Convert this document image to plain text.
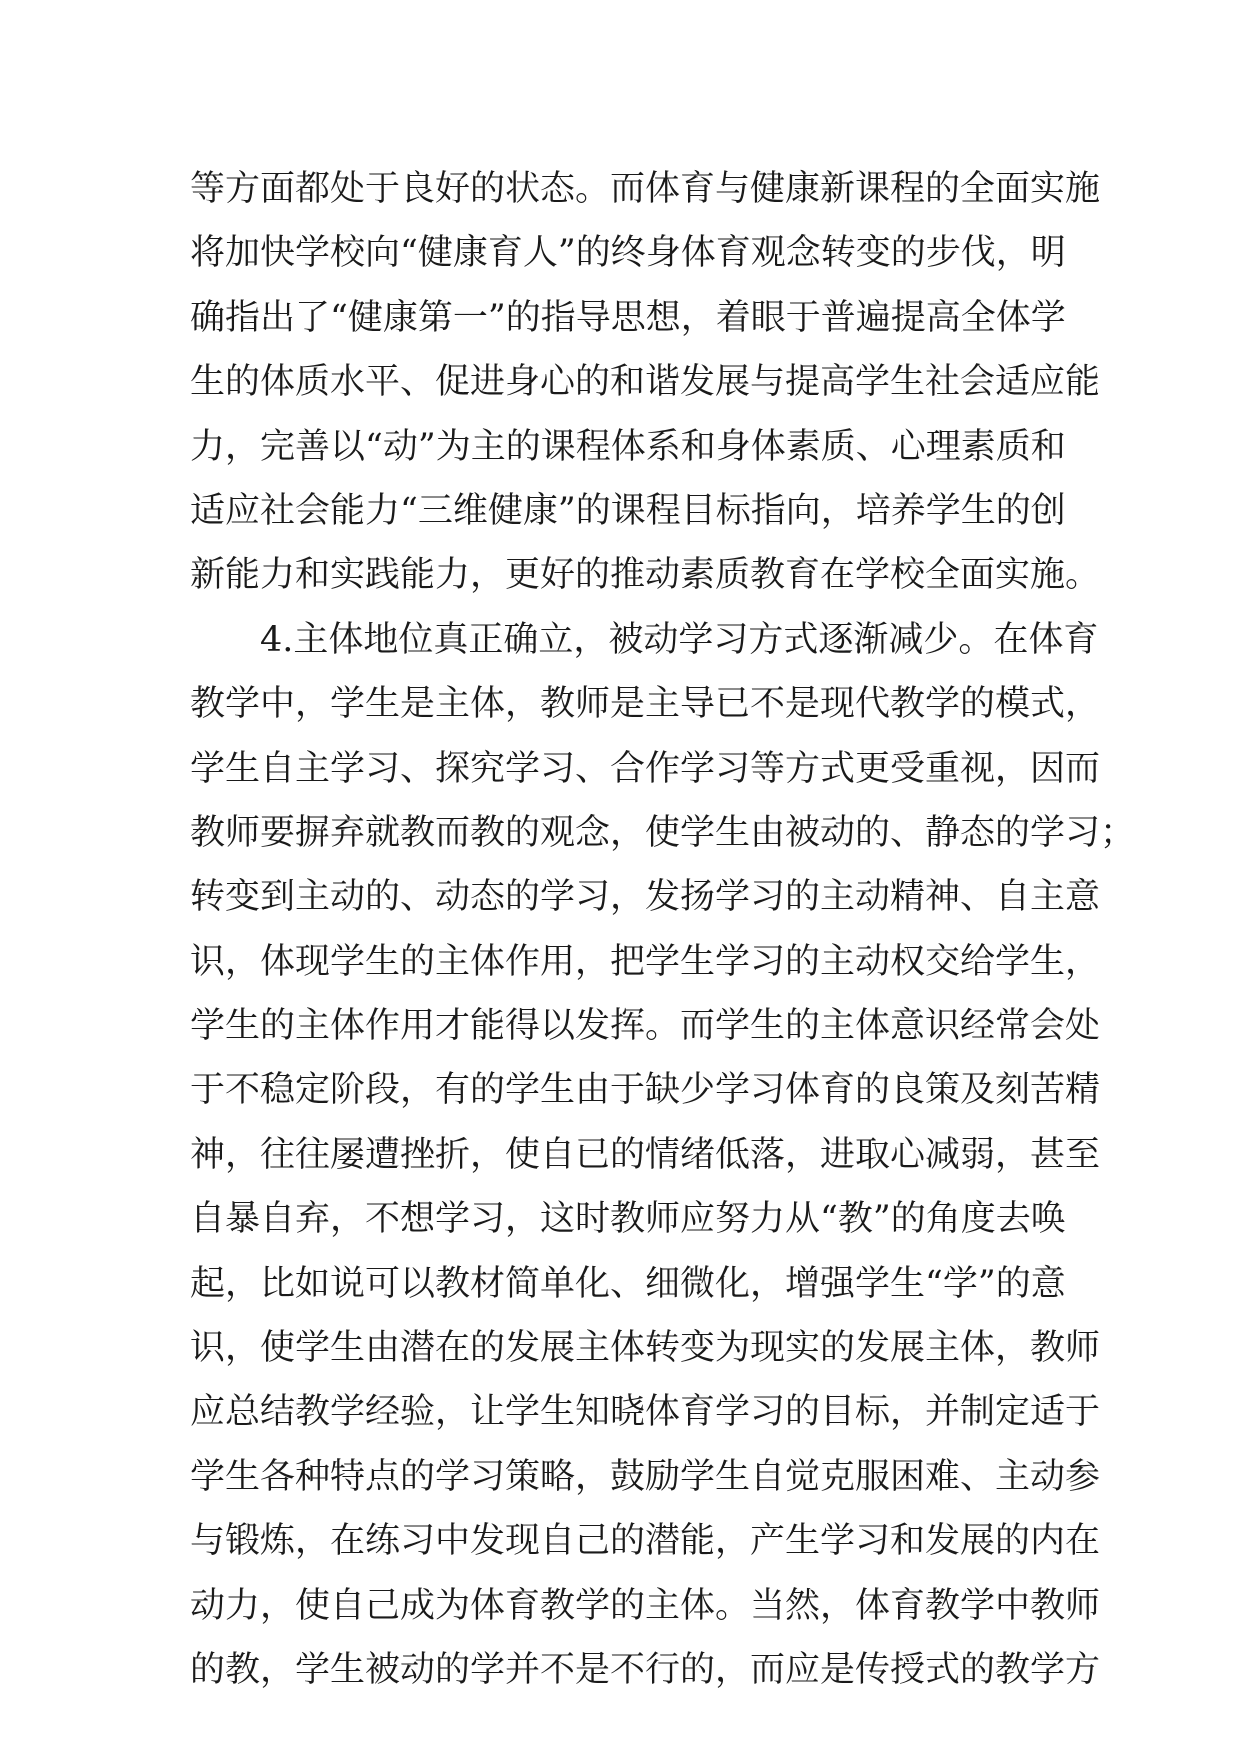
等方面都处于良好的状态。而体育与健康新课程的全面实施
将加快学校向“健康育人”的终身体育观念转变的步伐，明
确指出了“健康第一”的指导思想，着眼于普遍提高全体学
生的体质水平、促进身心的和谐发展与提高学生社会适应能
力，完善以“动”为主的课程体系和身体素质、心理素质和
适应社会能力“三维健康”的课程目标指向，培养学生的创
新能力和实践能力，更好的推动素质教育在学校全面实施。
4.主体地位真正确立，被动学习方式逐渐减少。在体育
教学中，学生是主体，教师是主导已不是现代教学的模式，
学生自主学习、探究学习、合作学习等方式更受重视，因而
教师要摒弃就教而教的观念，使学生由被动的、静态的学习；
转变到主动的、动态的学习，发扬学习的主动精神、自主意
识，体现学生的主体作用，把学生学习的主动权交给学生，
学生的主体作用才能得以发挥。而学生的主体意识经常会处
于不稳定阶段，有的学生由于缺少学习体育的良策及刻苦精
神，往往屡遭挫折，使自已的情绪低落，进取心减弱，甚至
自暴自弃，不想学习，这时教师应努力从“教”的角度去唤
起，比如说可以教材简单化、细微化，增强学生“学”的意
识，使学生由潜在的发展主体转变为现实的发展主体，教师
应总结教学经验，让学生知晓体育学习的目标，并制定适于
学生各种特点的学习策略，鼓励学生自觉克服困难、主动参
与锻炼，在练习中发现自己的潜能，产生学习和发展的内在
动力，使自己成为体育教学的主体。当然，体育教学中教师
的教，学生被动的学并不是不行的，而应是传授式的教学方
